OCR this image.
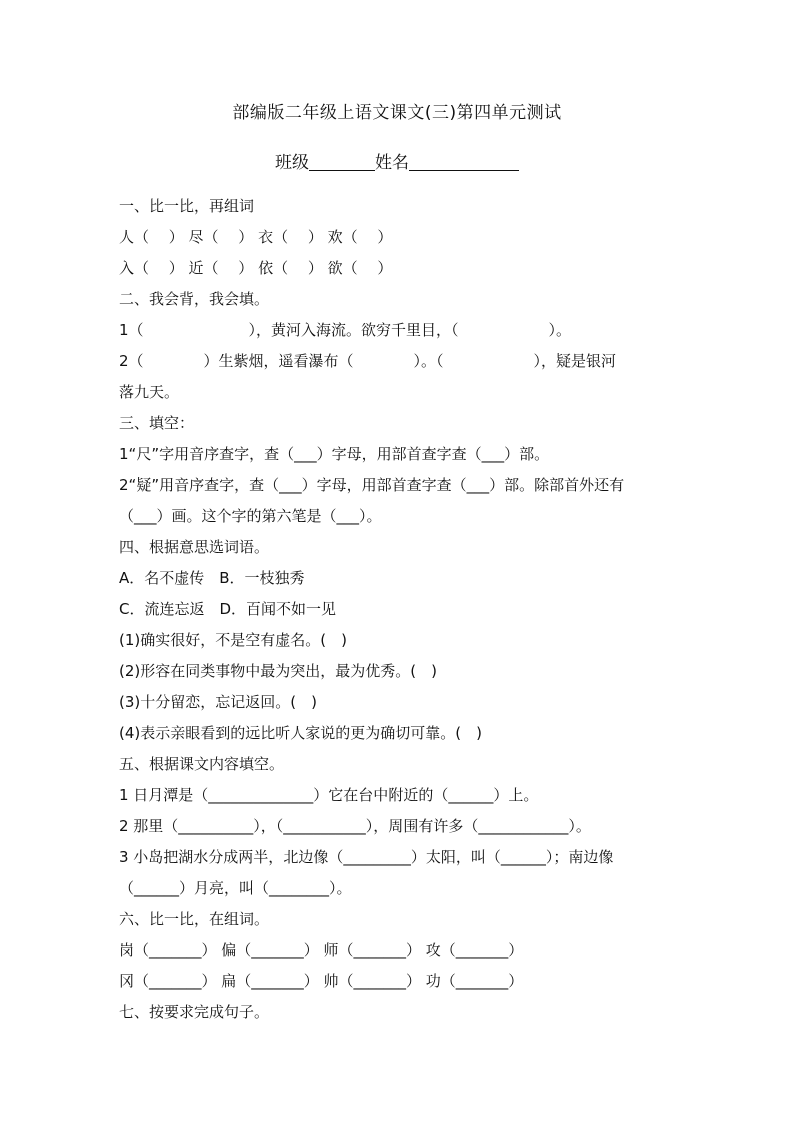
部编版二年级上语文课文(三)第四单元测试
班级	姓名
一、比一比，再组词
人（　 ） 尽（　 ） 衣（　 ） 欢（　 ）
入（　 ） 近（　 ） 依（　 ） 欲（　 ）
二、我会背，我会填。
1（　　　　　　　），黄河入海流。欲穷千里目，（　　　　　　）。
2（　　　　）生紫烟，遥看瀑布（　　　　）。（　　　　　　），疑是银河
落九天。
三、填空：
1“尺”字用音序查字，查（___）字母，用部首查字查（___）部。
2“疑”用音序查字，查（___）字母，用部首查字查（___）部。除部首外还有
（___）画。这个字的第六笔是（___）。
四、根据意思选词语。
A．名不虚传　B．一枝独秀
C．流连忘返　D．百闻不如一见
(1)确实很好，不是空有虚名。(　)
(2)形容在同类事物中最为突出，最为优秀。(　)
(3)十分留恋，忘记返回。(　)
(4)表示亲眼看到的远比听人家说的更为确切可靠。(　)
五、根据课文内容填空。
1 日月潭是（______________）它在台中附近的（______）上。
2 那里（__________），（___________），周围有许多（____________）。
3 小岛把湖水分成两半，北边像（_________）太阳，叫（______）；南边像
（______）月亮，叫（________）。
六、比一比，在组词。
岗（_______） 偏（_______） 师（_______） 攻（_______）
冈（_______） 扁（_______） 帅（_______） 功（_______）
七、按要求完成句子。
